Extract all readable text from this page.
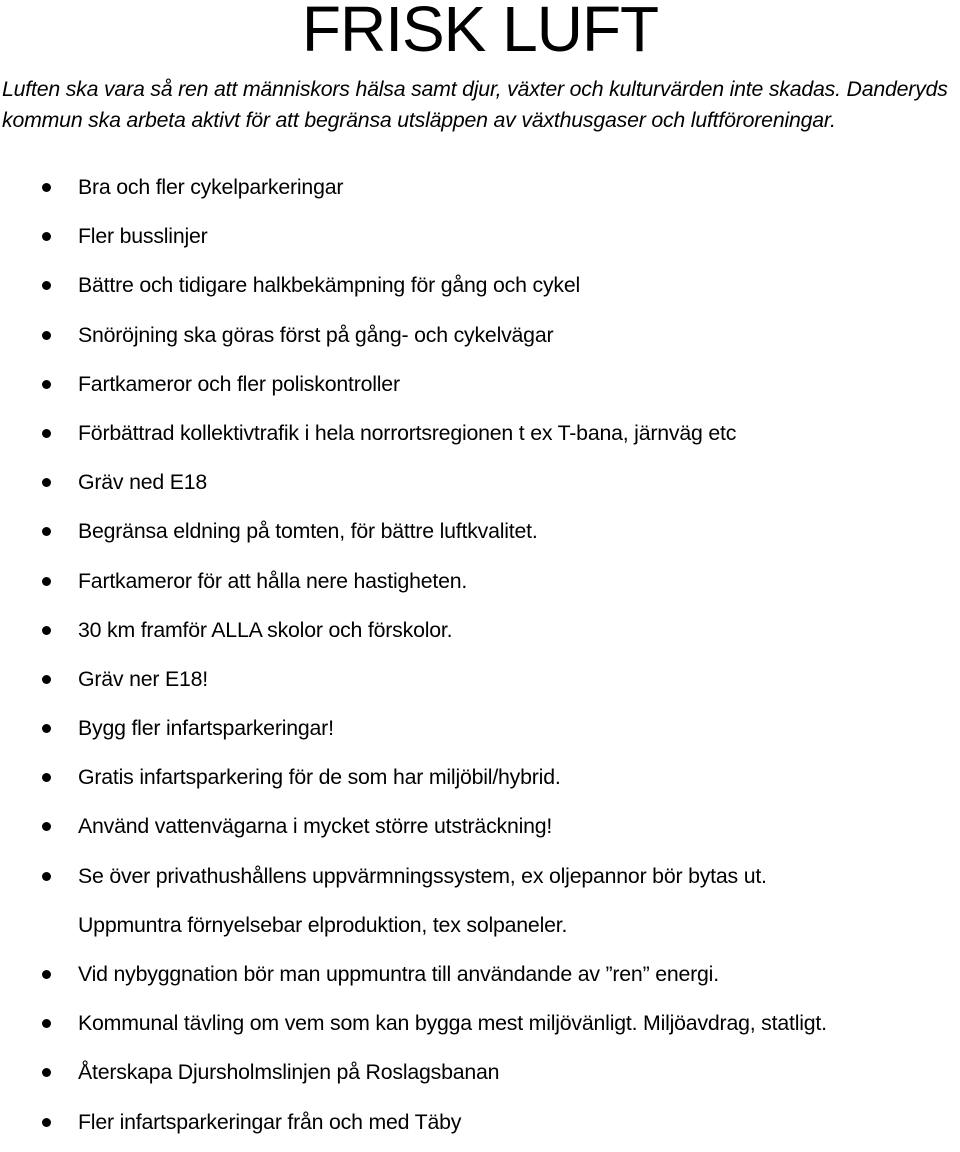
FRISK LUFT

Luften ska vara så ren att människors hälsa samt djur, växter och kulturvärden inte skadas. Danderyds kommun ska arbeta aktivt för att begränsa utsläppen av växthusgaser och luftföroreningar.

Bra och fler cykelparkeringar
Fler busslinjer
Bättre och tidigare halkbekämpning för gång och cykel
Snöröjning ska göras först på gång- och cykelvägar
Fartkameror och fler poliskontroller
Förbättrad kollektivtrafik i hela norrortsregionen t ex T-bana, järnväg etc
Gräv ned E18
Begränsa eldning på tomten, för bättre luftkvalitet.
Fartkameror för att hålla nere hastigheten.
30 km framför ALLA skolor och förskolor.
Gräv ner E18!
Bygg fler infartsparkeringar!
Gratis infartsparkering för de som har miljöbil/hybrid.
Använd vattenvägarna i mycket större utsträckning!
Se över privathushållens uppvärmningssystem, ex oljepannor bör bytas ut.
Uppmuntra förnyelsebar elproduktion, tex solpaneler.
Vid nybyggnation bör man uppmuntra till användande av ”ren” energi.
Kommunal tävling om vem som kan bygga mest miljövänligt. Miljöavdrag, statligt.
Återskapa Djursholmslinjen på Roslagsbanan
Fler infartsparkeringar från och med Täby
